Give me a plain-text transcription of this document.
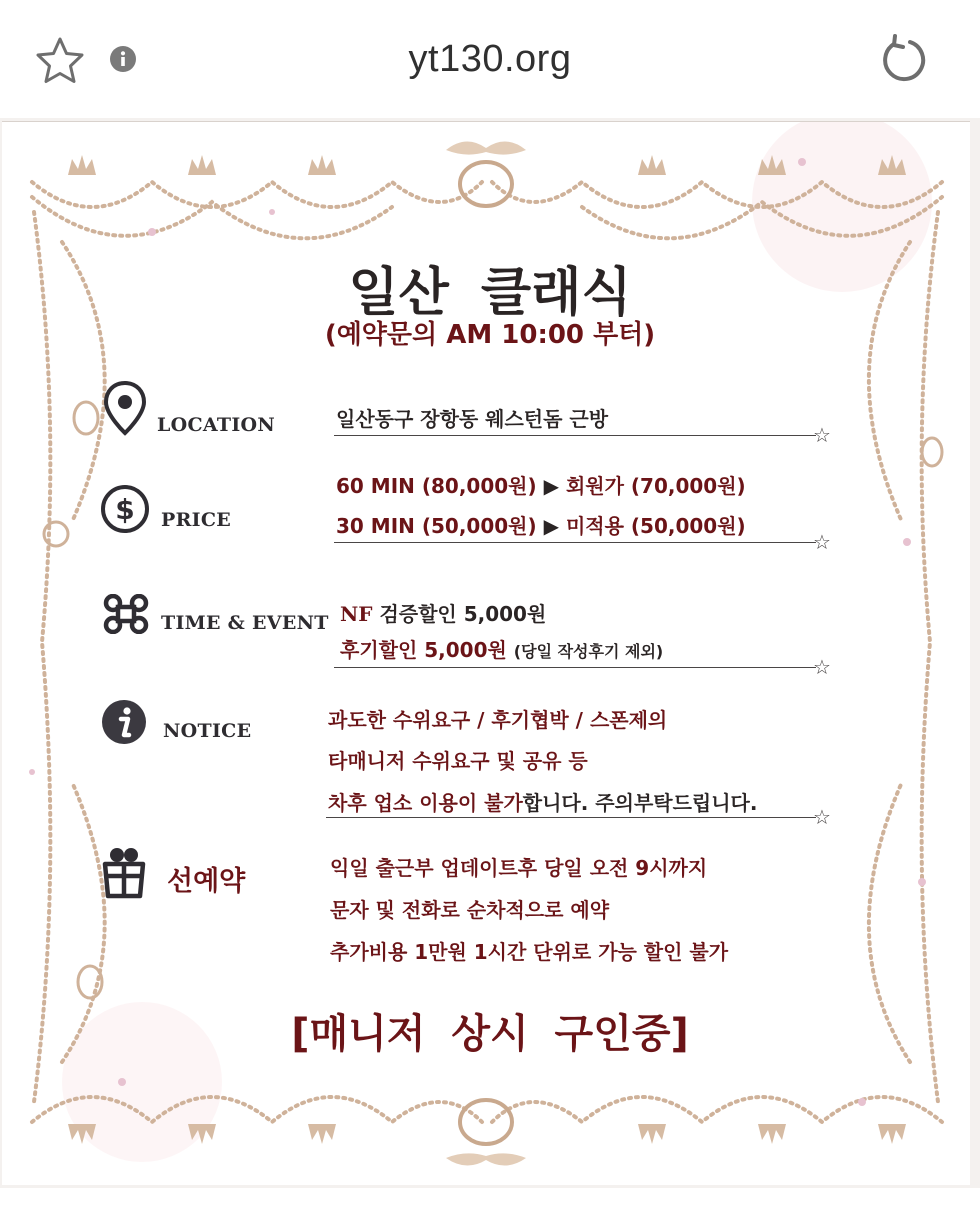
yt130.org
일산 클래식
(예약문의 AM 10:00 부터)
LOCATION	일산동구 장항동 웨스턴돔 근방
☆
$ PRICE
60 MIN (80,000원) ▶ 회원가 (70,000원)
30 MIN (50,000원) ▶ 미적용 (50,000원)
☆
TIME & EVENT NF 검증할인 5,000원
후기할인 5,000원 (당일 작성후기 제외)
☆
NOTICE	과도한 수위요구 / 후기협박 / 스폰제의
타매니저 수위요구 및 공유 등
차후 업소 이용이 불가합니다. 주의부탁드립니다.
☆
선예약	익일 출근부 업데이트후 당일 오전 9시까지
문자 및 전화로 순차적으로 예약
추가비용 1만원 1시간 단위로 가능 할인 불가
[매니저 상시 구인중]
